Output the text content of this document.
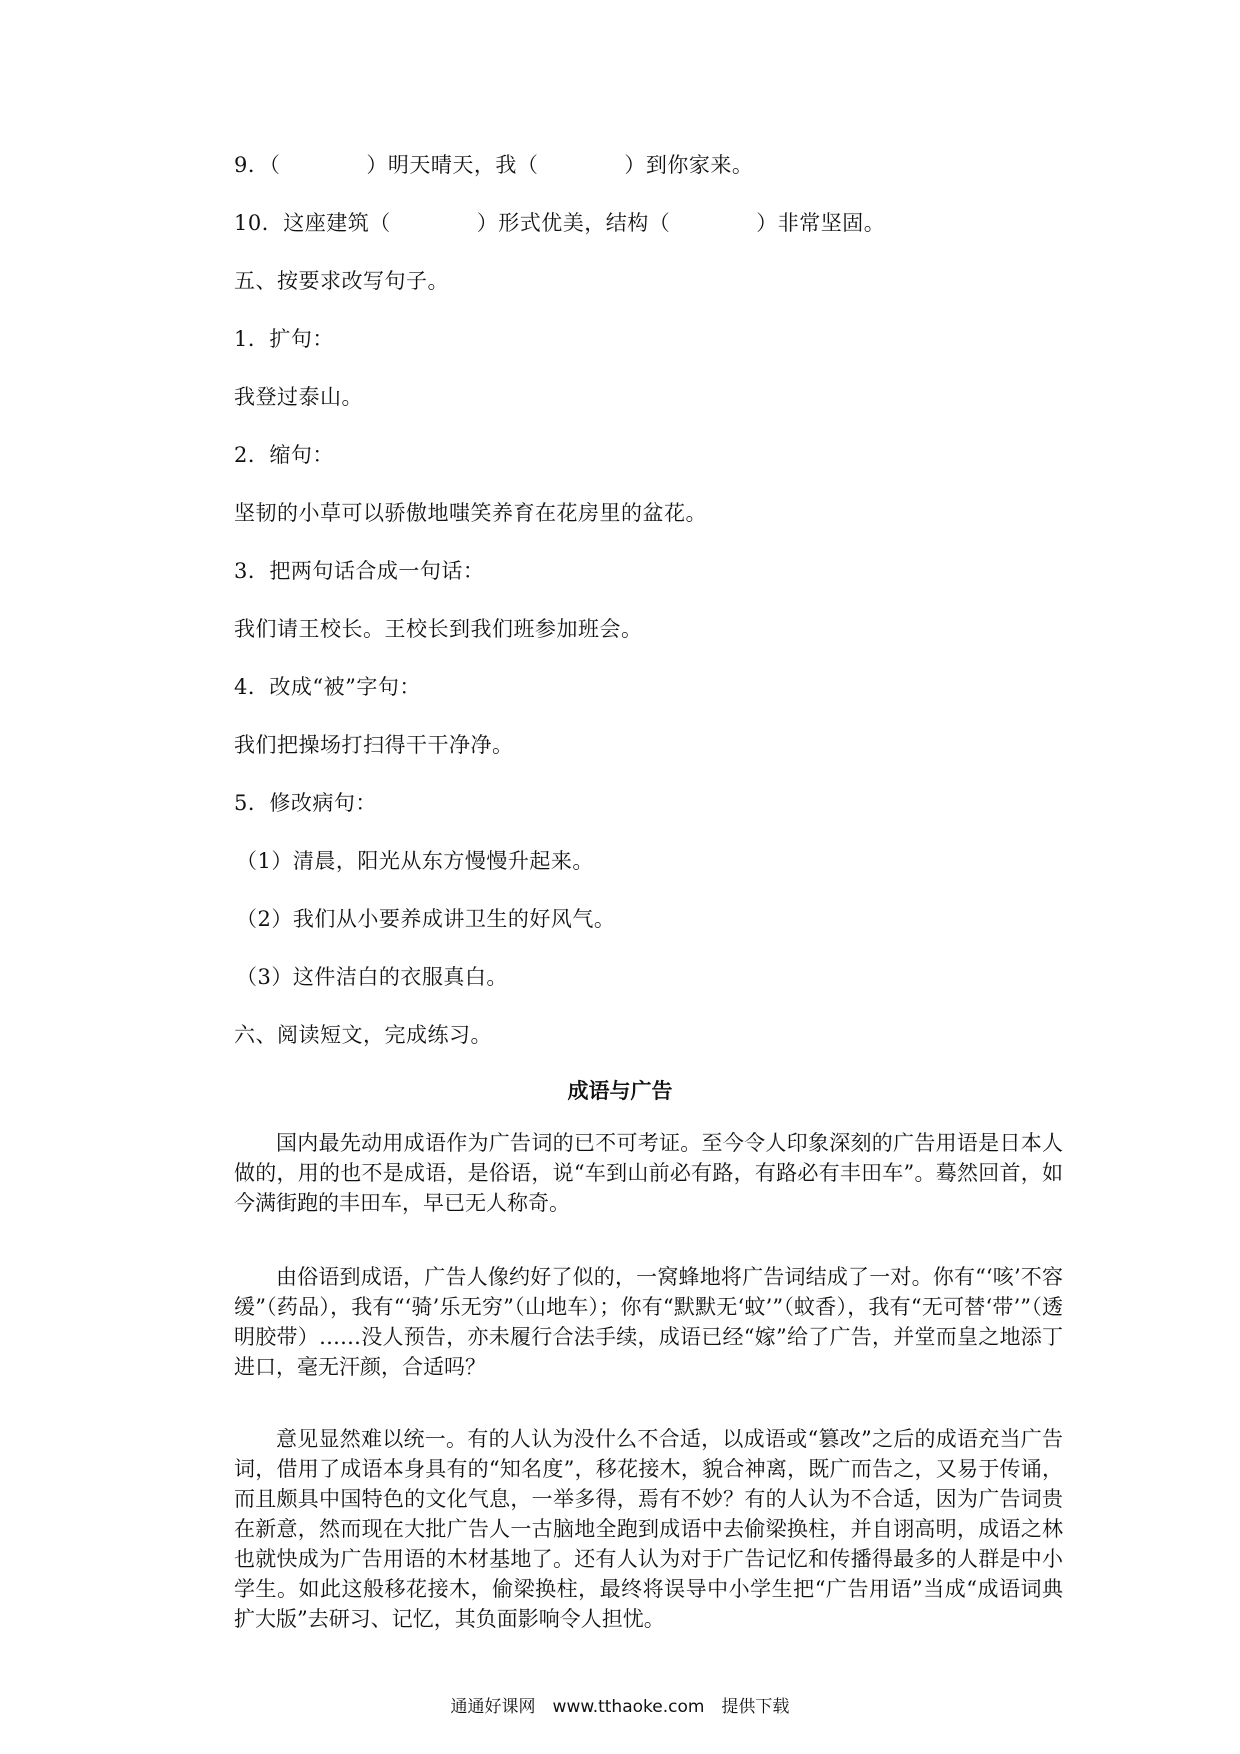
9．（　　　　）明天晴天，我（　　　　）到你家来。

10．这座建筑（　　　　）形式优美，结构（　　　　）非常坚固。

五、按要求改写句子。

1．扩句：

我登过泰山。

2．缩句：

坚韧的小草可以骄傲地嗤笑养育在花房里的盆花。

3．把两句话合成一句话：

我们请王校长。王校长到我们班参加班会。

4．改成“被”字句：

我们把操场打扫得干干净净。

5．修改病句：

（1）清晨，阳光从东方慢慢升起来。

（2）我们从小要养成讲卫生的好风气。

（3）这件洁白的衣服真白。

六、阅读短文，完成练习。

成语与广告

国内最先动用成语作为广告词的已不可考证。至今令人印象深刻的广告用语是日本人做的，用的也不是成语，是俗语，说“车到山前必有路，有路必有丰田车”。蓦然回首，如今满街跑的丰田车，早已无人称奇。

由俗语到成语，广告人像约好了似的，一窝蜂地将广告词结成了一对。你有“‘咳’不容缓”（药品），我有“‘骑’乐无穷”（山地车）；你有“默默无‘蚊’”（蚊香），我有“无可替‘带’”（透明胶带）……没人预告，亦未履行合法手续，成语已经“嫁”给了广告，并堂而皇之地添丁进口，毫无汗颜，合适吗？

意见显然难以统一。有的人认为没什么不合适，以成语或“篡改”之后的成语充当广告词，借用了成语本身具有的“知名度”，移花接木，貌合神离，既广而告之，又易于传诵，而且颇具中国特色的文化气息，一举多得，焉有不妙？有的人认为不合适，因为广告词贵在新意，然而现在大批广告人一古脑地全跑到成语中去偷梁换柱，并自诩高明，成语之林也就快成为广告用语的木材基地了。还有人认为对于广告记忆和传播得最多的人群是中小学生。如此这般移花接木，偷梁换柱，最终将误导中小学生把“广告用语”当成“成语词典扩大版”去研习、记忆，其负面影响令人担忧。

通通好课网　www.tthaoke.com　提供下载
